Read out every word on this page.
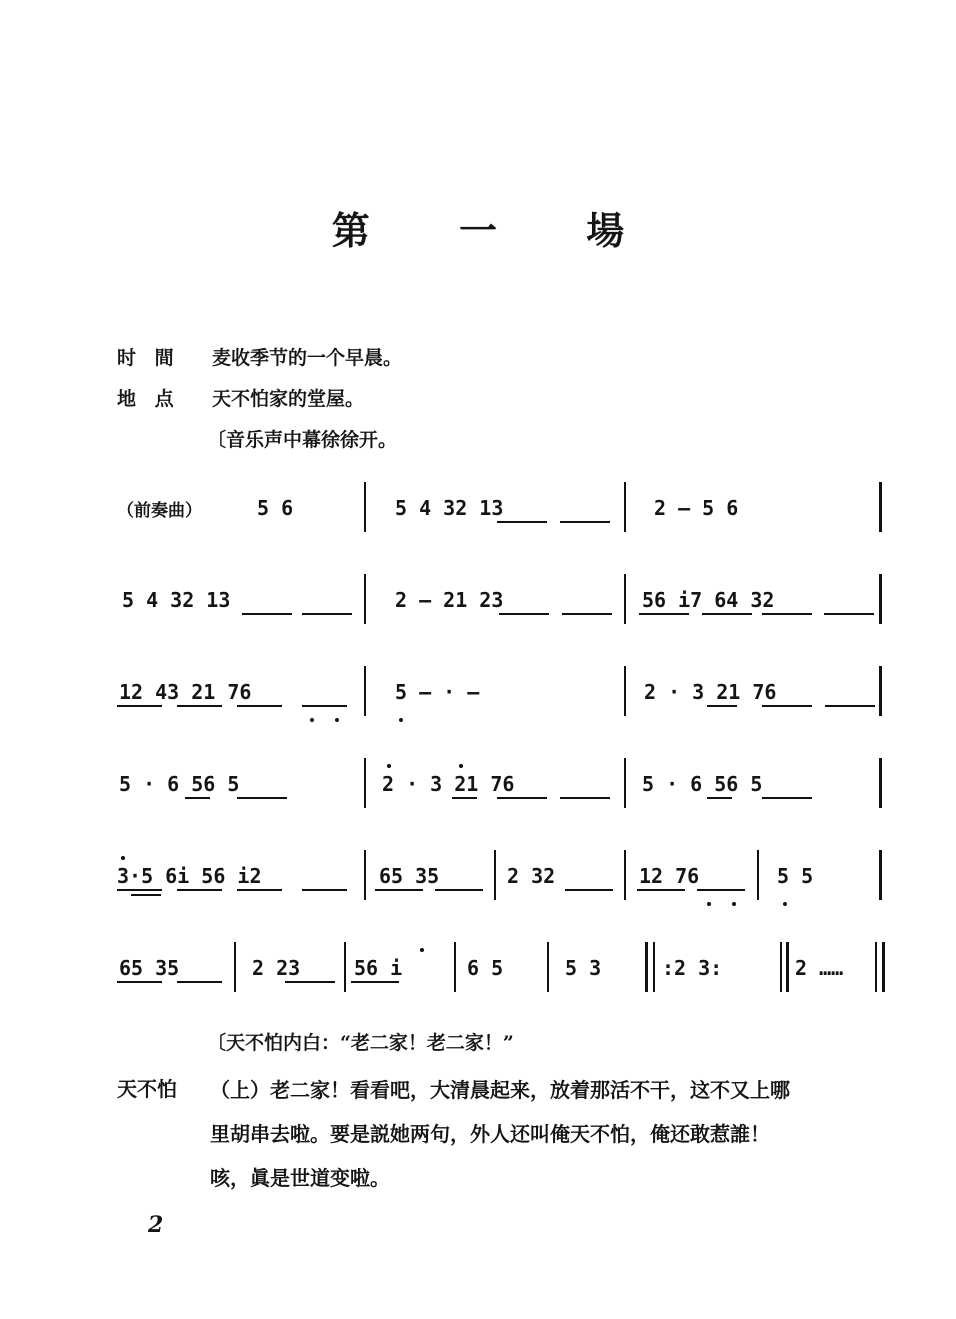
第 一 場
时 間 麦收季节的一个早晨。
地 点 天不怕家的堂屋。
〔音乐声中幕徐徐开。
（前奏曲）	5 6	5 4 32 13	2 — 5 6
5 4 32 13	2 — 21 23	56 i7 64 32
12 43 21 76	5 — · —	2 · 3 21 76
5 · 6 56 5	2 · 3 21 76	5 · 6 56 5
3·5 6i 56 i2	65 35	2 32	12 76	5 5
65 35	2 23	56 i	6 5	5 3	:2 3:	2 ……
〔天不怕内白：“老二家！老二家！”
天不怕 （上）老二家！看看吧，大清晨起来，放着那活不干，这不又上哪
里胡串去啦。要是説她两句，外人还叫俺天不怕，俺还敢惹誰！
咳，眞是世道变啦。
2
